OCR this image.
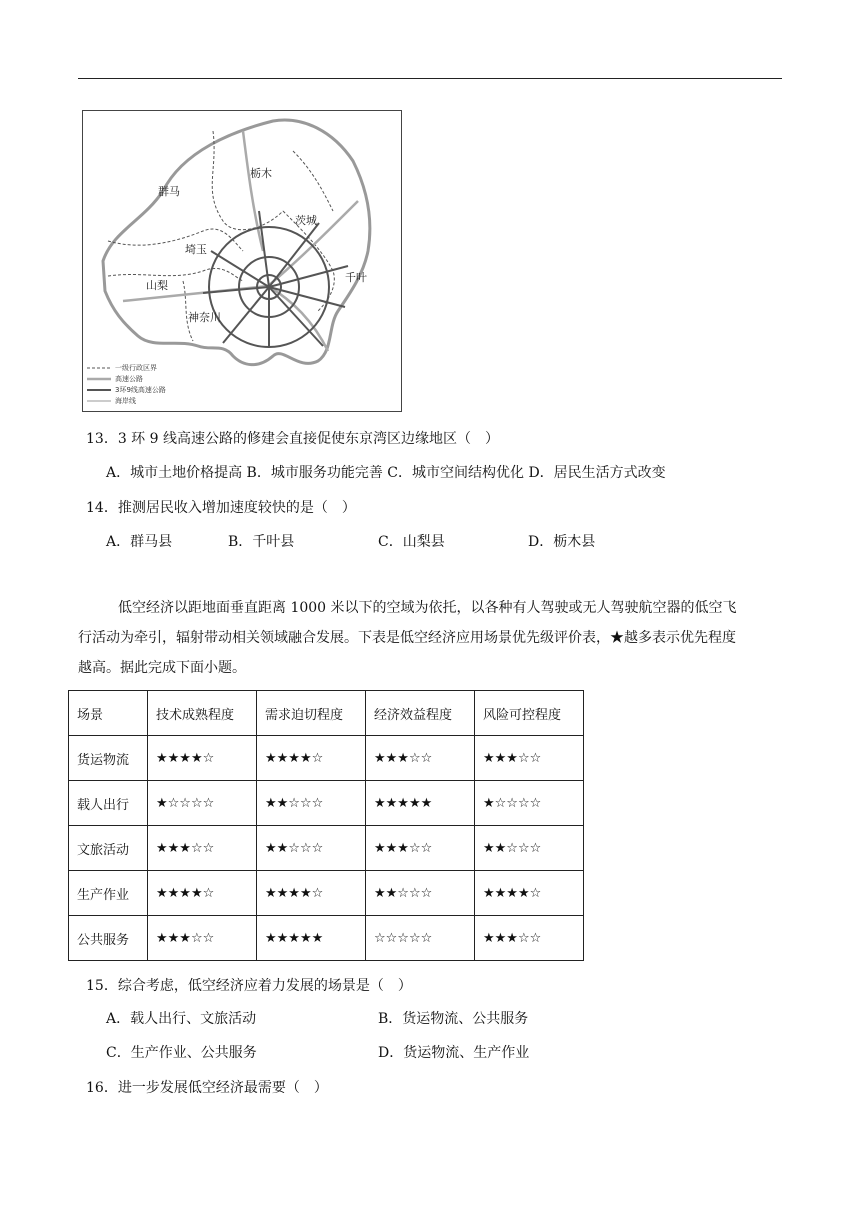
栃木
群马
茨城
埼玉
山梨
千叶
神奈川
一级行政区界
高速公路
3环9线高速公路
海岸线
13．3 环 9 线高速公路的修建会直接促使东京湾区边缘地区（　）
A．城市土地价格提高 B．城市服务功能完善 C．城市空间结构优化 D．居民生活方式改变
14．推测居民收入增加速度较快的是（　）
A．群马县	B．千叶县	C．山梨县	D．栃木县
低空经济以距地面垂直距离 1000 米以下的空域为依托，以各种有人驾驶或无人驾驶航空器的低空飞
行活动为牵引，辐射带动相关领域融合发展。下表是低空经济应用场景优先级评价表，★越多表示优先程度
越高。据此完成下面小题。
场景	技术成熟程度	需求迫切程度	经济效益程度	风险可控程度
货运物流	★★★★☆	★★★★☆	★★★☆☆	★★★☆☆
载人出行	★☆☆☆☆	★★☆☆☆	★★★★★	★☆☆☆☆
文旅活动	★★★☆☆	★★☆☆☆	★★★☆☆	★★☆☆☆
生产作业	★★★★☆	★★★★☆	★★☆☆☆	★★★★☆
公共服务	★★★☆☆	★★★★★	☆☆☆☆☆	★★★☆☆
15．综合考虑，低空经济应着力发展的场景是（　）
A．载人出行、文旅活动	B．货运物流、公共服务
C．生产作业、公共服务	D．货运物流、生产作业
16．进一步发展低空经济最需要（　）
